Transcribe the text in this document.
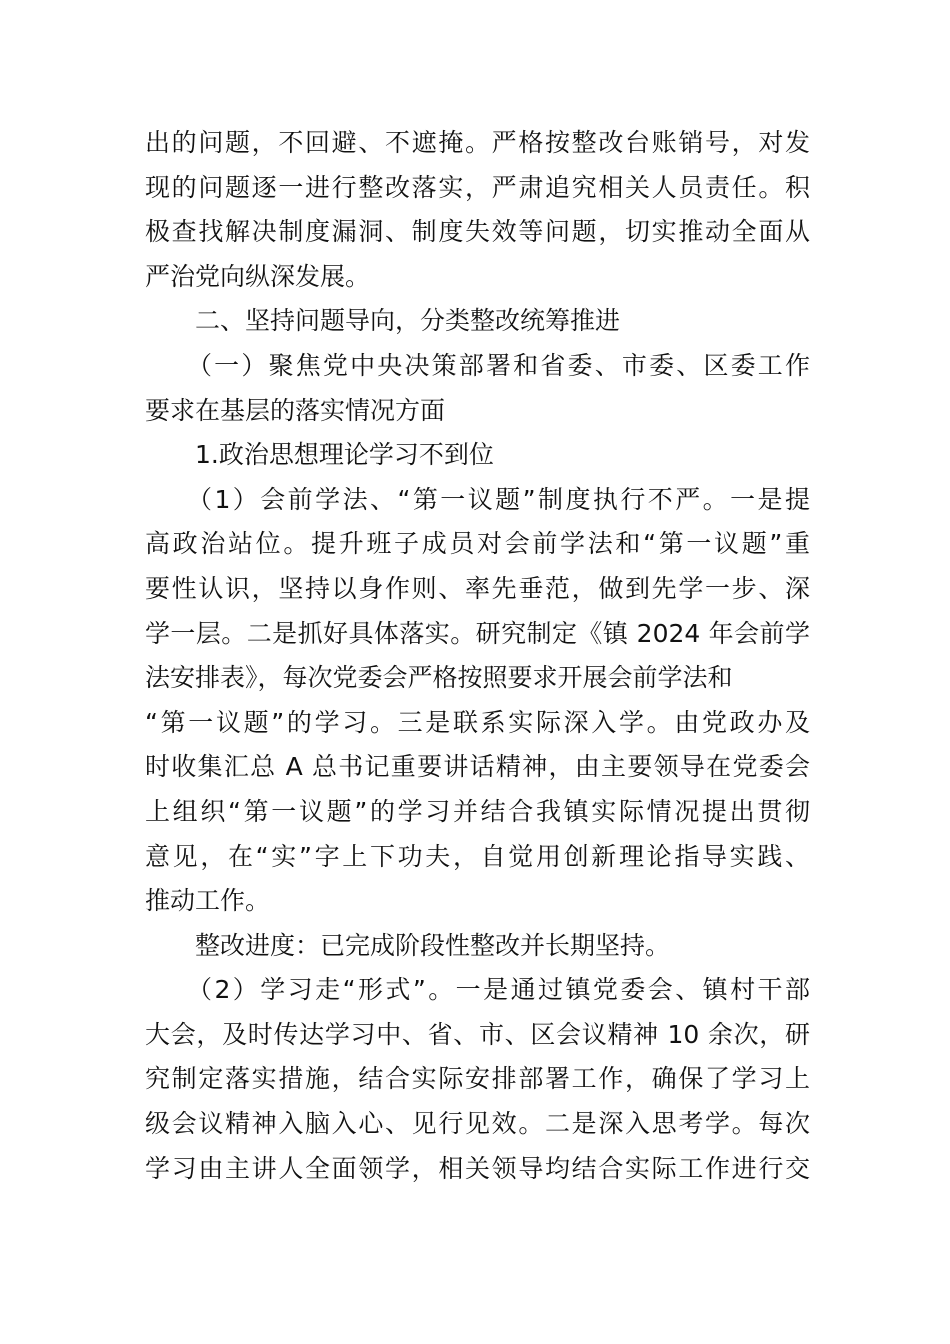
出的问题，不回避、不遮掩。严格按整改台账销号，对发
现的问题逐一进行整改落实，严肃追究相关人员责任。积
极查找解决制度漏洞、制度失效等问题，切实推动全面从
严治党向纵深发展。
二、坚持问题导向，分类整改统筹推进
（一）聚焦党中央决策部署和省委、市委、区委工作
要求在基层的落实情况方面
1.政治思想理论学习不到位
（1）会前学法、“第一议题”制度执行不严。一是提
高政治站位。提升班子成员对会前学法和“第一议题”重
要性认识，坚持以身作则、率先垂范，做到先学一步、深
学一层。二是抓好具体落实。研究制定《镇 2024 年会前学
法安排表》，每次党委会严格按照要求开展会前学法和
“第一议题”的学习。三是联系实际深入学。由党政办及
时收集汇总 A 总书记重要讲话精神，由主要领导在党委会
上组织“第一议题”的学习并结合我镇实际情况提出贯彻
意见，在“实”字上下功夫，自觉用创新理论指导实践、
推动工作。
整改进度：已完成阶段性整改并长期坚持。
（2）学习走“形式”。一是通过镇党委会、镇村干部
大会，及时传达学习中、省、市、区会议精神 10 余次，研
究制定落实措施，结合实际安排部署工作，确保了学习上
级会议精神入脑入心、见行见效。二是深入思考学。每次
学习由主讲人全面领学，相关领导均结合实际工作进行交
